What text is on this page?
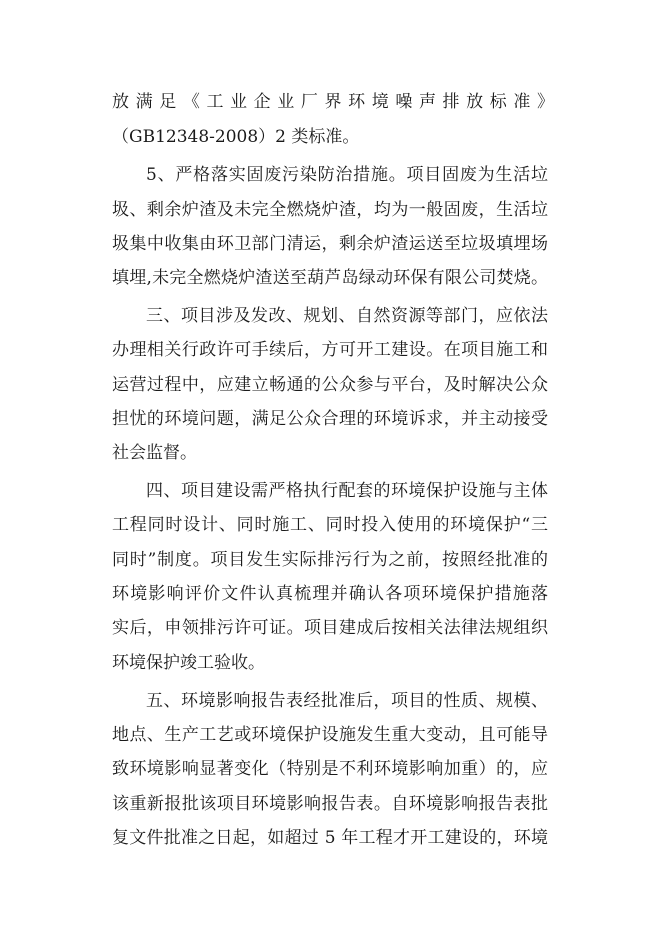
放满足《工业企业厂界环境噪声排放标准》
（GB12348-2008）2 类标准。
5、严格落实固废污染防治措施。项目固废为生活垃
圾、剩余炉渣及未完全燃烧炉渣，均为一般固废，生活垃
圾集中收集由环卫部门清运，剩余炉渣运送至垃圾填埋场
填埋,未完全燃烧炉渣送至葫芦岛绿动环保有限公司焚烧。
三、项目涉及发改、规划、自然资源等部门，应依法
办理相关行政许可手续后，方可开工建设。在项目施工和
运营过程中，应建立畅通的公众参与平台，及时解决公众
担忧的环境问题，满足公众合理的环境诉求，并主动接受
社会监督。
四、项目建设需严格执行配套的环境保护设施与主体
工程同时设计、同时施工、同时投入使用的环境保护“三
同时”制度。项目发生实际排污行为之前，按照经批准的
环境影响评价文件认真梳理并确认各项环境保护措施落
实后，申领排污许可证。项目建成后按相关法律法规组织
环境保护竣工验收。
五、环境影响报告表经批准后，项目的性质、规模、
地点、生产工艺或环境保护设施发生重大变动，且可能导
致环境影响显著变化（特别是不利环境影响加重）的，应
该重新报批该项目环境影响报告表。自环境影响报告表批
复文件批准之日起，如超过 5 年工程才开工建设的，环境
